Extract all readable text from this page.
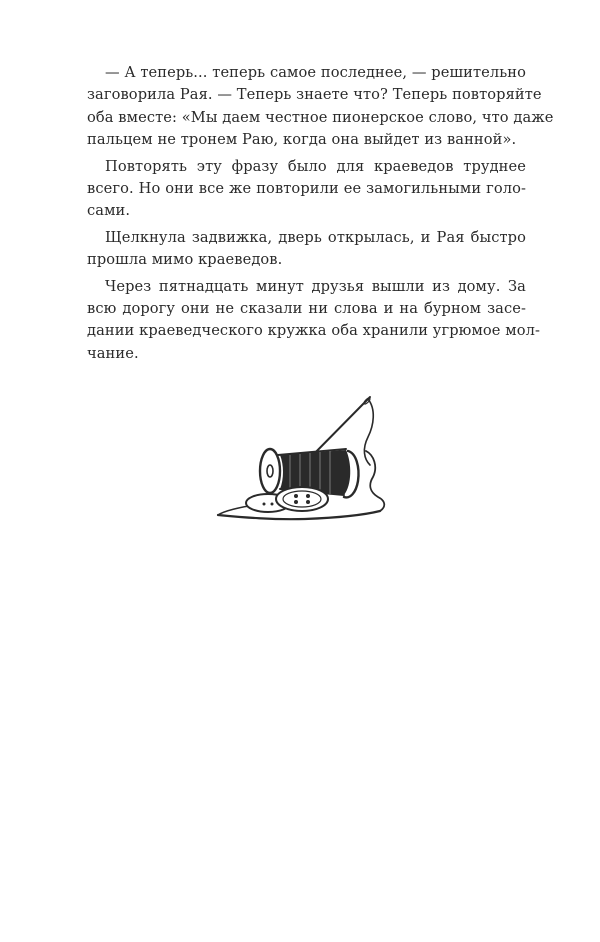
— А теперь... теперь самое последнее, — решительно
заговорила Рая. — Теперь знаете что? Теперь повторяйте
оба вместе: «Мы даем честное пионерское слово, что даже
пальцем не тронем Раю, когда она выйдет из ванной».
Повторять эту фразу было для краеведов труднее
всего. Но они все же повторили ее замогильными голо-
сами.
Щелкнула задвижка, дверь открылась, и Рая быстро
прошла мимо краеведов.
Через пятнадцать минут друзья вышли из дому. За
всю дорогу они не сказали ни слова и на бурном засе-
дании краеведческого кружка оба хранили угрюмое мол-
чание.
